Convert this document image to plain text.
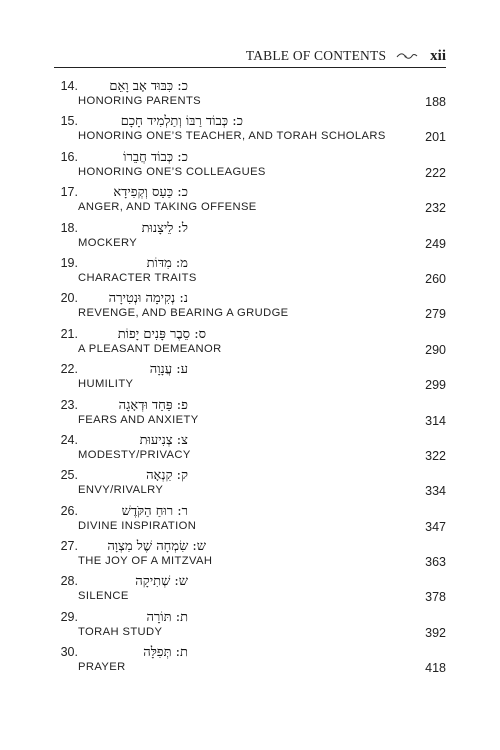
TABLE OF CONTENTS	xii
14.	כ: כִּבּוּד אָב וָאֵם
HONORING PARENTS	188
15.	כ: כְּבוֹד רַבּוֹ וְתַלְמִיד חָכָם
HONORING ONE’S TEACHER, AND TORAH SCHOLARS	201
16.	כ: כְּבוֹד חֲבֵרוֹ
HONORING ONE’S COLLEAGUES	222
17.	כ: כַּעַס וְקְפִידָא
ANGER, AND TAKING OFFENSE	232
18.	ל: לֵיצָנוּת
MOCKERY	249
19.	מ: מִדּוֹת
CHARACTER TRAITS	260
20.	נ: נְקִימָה וּנְטִירָה
REVENGE, AND BEARING A GRUDGE	279
21.	ס: סֵבֶר פָּנִים יָפוֹת
A PLEASANT DEMEANOR	290
22.	ע: עֲנָוָה
HUMILITY	299
23.	פ: פַּחַד וּדְאָגָה
FEARS AND ANXIETY	314
24.	צ: צְנִיעוּת
MODESTY/PRIVACY	322
25.	ק: קִנְאָה
ENVY/RIVALRY	334
26.	ר: רוּחַ הַקֹּדֶשׁ
DIVINE INSPIRATION	347
27.	ש: שִׂמְחָה שֶׁל מִצְוָה
THE JOY OF A MITZVAH	363
28.	ש: שְׁתִיקָה
SILENCE	378
29.	ת: תּוֹרָה
TORAH STUDY	392
30.	ת: תְּפִלָּה
PRAYER	418
